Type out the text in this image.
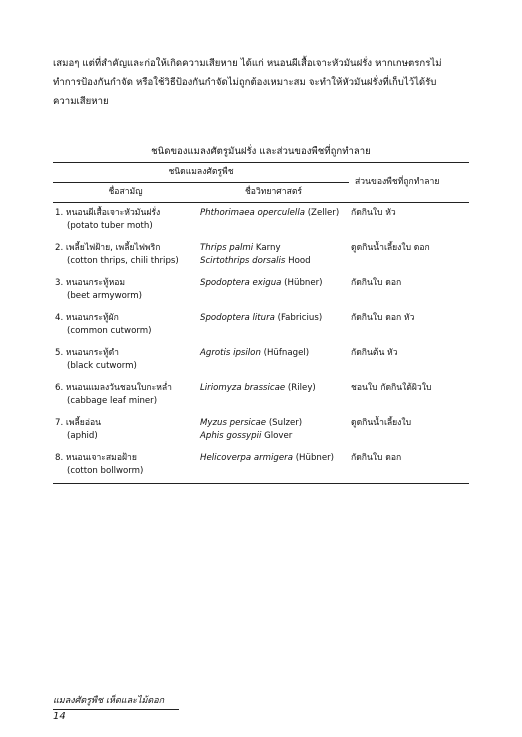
เสมอๆ แต่ที่สำคัญและก่อให้เกิดความเสียหาย ได้แก่ หนอนผีเสื้อเจาะหัวมันฝรั่ง หากเกษตรกรไม่

ทำการป้องกันกำจัด หรือใช้วิธีป้องกันกำจัดไม่ถูกต้องเหมาะสม จะทำให้หัวมันฝรั่งที่เก็บไว้ได้รับ

ความเสียหาย

ชนิดของแมลงศัตรูมันฝรั่ง และส่วนของพืชที่ถูกทำลาย
ชนิดแมลงศัตรูพืช		ส่วนของพืชที่ถูกทำลาย
ชื่อสามัญ	ชื่อวิทยาศาสตร์	

1. หนอนผีเสื้อเจาะหัวมันฝรั่ง
(potato tuber moth)	Phthorimaea operculella (Zeller)	กัดกินใบ หัว

2. เพลี้ยไฟฝ้าย, เพลี้ยไฟพริก
(cotton thrips, chili thrips)	Thrips palmi Karny
Scirtothrips dorsalis Hood	ดูดกินน้ำเลี้ยงใบ ดอก

3. หนอนกระทู้หอม
(beet armyworm)	Spodoptera exigua (Hübner)	กัดกินใบ ดอก

4. หนอนกระทู้ผัก
(common cutworm)	Spodoptera litura (Fabricius)	กัดกินใบ ดอก หัว

5. หนอนกระทู้ดำ
(black cutworm)	Agrotis ipsilon (Hüfnagel)	กัดกินต้น หัว

6. หนอนแมลงวันชอนใบกะหล่ำ
(cabbage leaf miner)	Liriomyza brassicae (Riley)	ชอนใบ กัดกินใต้ผิวใบ

7. เพลี้ยอ่อน
(aphid)	Myzus persicae (Sulzer)
Aphis gossypii Glover	ดูดกินน้ำเลี้ยงใบ

8. หนอนเจาะสมอฝ้าย
(cotton bollworm)	Helicoverpa armigera (Hübner)	กัดกินใบ ดอก
แมลงศัตรูพืช เห็ดและไม้ดอก
14
